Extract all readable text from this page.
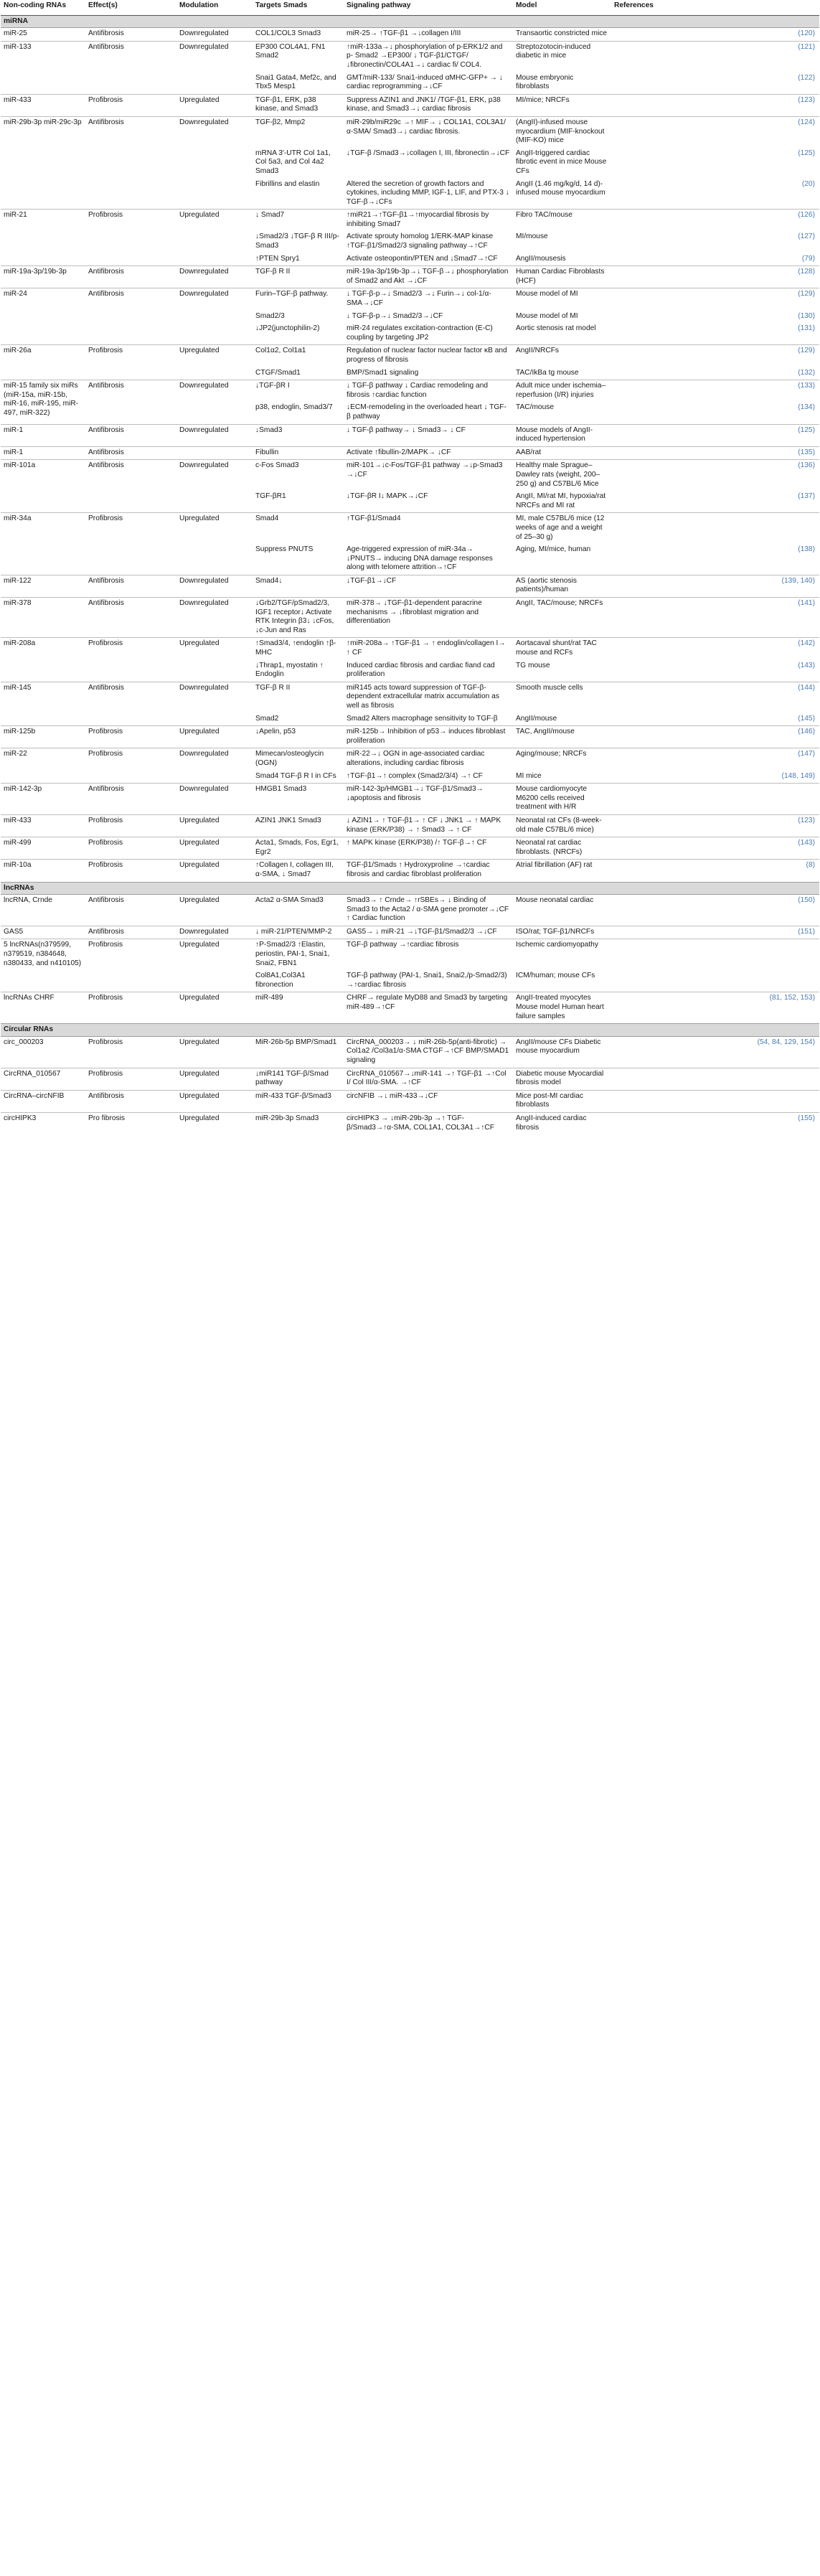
Non-coding RNAs	Effect(s)	Modulation	Targets Smads	Signaling pathway	Model	References
miRNA						
miR-25	Antifibrosis	Downregulated	COL1/COL3 Smad3	miR-25→ ↑TGF-β1 →↓collagen I/III	Transaortic constricted mice	(120)
miR-133	Antifibrosis	Downregulated	EP300 COL4A1, FN1 Smad2	↑miR-133a→↓ phosphorylation of p-ERK1/2 and p- Smad2 →EP300/ ↓ TGF-β1/CTGF/↓fibronectin/COL4A1→↓ cardiac fi/ COL4.	Streptozotocin-induced diabetic in mice	(121)
			Snai1 Gata4, Mef2c, and Tbx5 Mesp1	GMT/miR-133/ Snai1-induced αMHC-GFP+ → ↓ cardiac reprogramming→↓CF	Mouse embryonic fibroblasts	(122)
miR-433	Profibrosis	Upregulated	TGF-β1, ERK, p38 kinase, and Smad3	Suppress AZIN1 and JNK1/ /TGF-β1, ERK, p38 kinase, and Smad3→↓ cardiac fibrosis	MI/mice; NRCFs	(123)
miR-29b-3p miR-29c-3p	Antifibrosis	Downregulated	TGF-β2, Mmp2	miR-29b/miR29c →↑ MIF→ ↓ COL1A1, COL3A1/α-SMA/ Smad3→↓ cardiac fibrosis.	(AngII)-infused mouse myocardium (MIF-knockout (MIF-KO) mice	(124)
			mRNA 3′-UTR Col 1a1, Col 5a3, and Col 4a2 Smad3	↓TGF-β /Smad3→↓collagen I, III, fibronectin→↓CF	AngII-triggered cardiac fibrotic event in mice Mouse CFs	(125)
			Fibrillins and elastin	Altered the secretion of growth factors and cytokines, including MMP, IGF-1, LIF, and PTX-3 ↓ TGF-β→↓CFs	AngII (1.46 mg/kg/d, 14 d)-infused mouse myocardium	(20)
miR-21	Profibrosis	Upregulated	↓ Smad7	↑miR21→↑TGF-β1→↑myocardial fibrosis by inhibiting Smad7	Fibro TAC/mouse	(126)
			↓Smad2/3 ↓TGF-β R III/p-Smad3	Activate sprouty homolog 1/ERK-MAP kinase ↑TGF-β1/Smad2/3 signaling pathway→↑CF	MI/mouse	(127)
			↑PTEN Spry1	Activate osteopontin/PTEN and ↓Smad7→↑CF	AngII/mousesis	(79)
miR-19a-3p/19b-3p	Antifibrosis	Downregulated	TGF-β R II	miR-19a-3p/19b-3p→↓ TGF-β→↓ phosphorylation of Smad2 and Akt →↓CF	Human Cardiac Fibroblasts (HCF)	(128)
miR-24	Antifibrosis	Downregulated	Furin–TGF-β pathway.	↓ TGF-β-p→↓ Smad2/3 →↓ Furin→↓ col-1/α-SMA→↓CF	Mouse model of MI	(129)
			Smad2/3	↓ TGF-β-p→↓ Smad2/3→↓CF	Mouse model of MI	(130)
			↓JP2(junctophilin-2)	miR-24 regulates excitation-contraction (E-C) coupling by targeting JP2	Aortic stenosis rat model	(131)
miR-26a	Profibrosis	Upregulated	Col1α2, Col1a1	Regulation of nuclear factor nuclear factor κB and progress of fibrosis	AngII/NRCFs	(129)
			CTGF/Smad1	BMP/Smad1 signaling	TAC/IkBa tg mouse	(132)
miR-15 family six miRs (miR-15a, miR-15b, miR-16, miR-195, miR-497, miR-322)	Antifibrosis	Downregulated	↓TGF-βR I	↓ TGF-β pathway ↓ Cardiac remodeling and fibrosis ↑cardiac function	Adult mice under ischemia–reperfusion (I/R) injuries	(133)
			p38, endoglin, Smad3/7	↓ECM-remodeling in the overloaded heart ↓ TGF-β pathway	TAC/mouse	(134)
miR-1	Antifibrosis	Downregulated	↓Smad3	↓ TGF-β pathway→ ↓ Smad3→ ↓ CF	Mouse models of AngII-induced hypertension	(125)
miR-1	Antifibrosis		Fibullin	Activate ↑fibullin-2/MAPK→ ↓CF	AAB/rat	(135)
miR-101a	Antifibrosis	Downregulated	c-Fos Smad3	miR-101→↓c-Fos/TGF-β1 pathway →↓p-Smad3 →↓CF	Healthy male Sprague–Dawley rats (weight, 200–250 g) and C57BL/6 Mice	(136)
			TGF-βR1	↓TGF-βR I↓ MAPK→↓CF	AngII, MI/rat MI, hypoxia/rat NRCFs and MI rat	(137)
miR-34a	Profibrosis	Upregulated	Smad4	↑TGF-β1/Smad4	MI, male C57BL/6 mice (12 weeks of age and a weight of 25–30 g)	
			Suppress PNUTS	Age-triggered expression of miR-34a→ ↓PNUTS→ inducing DNA damage responses along with telomere attrition→↑CF	Aging, MI/mice, human	(138)
miR-122	Antifibrosis	Downregulated	Smad4↓	↓TGF-β1→↓CF	AS (aortic stenosis patients)/human	(139, 140)
miR-378	Antifibrosis	Downregulated	↓Grb2/TGF/pSmad2/3, IGF1 receptor↓ Activate RTK Integrin β3↓ ↓cFos, ↓c-Jun and Ras	miR-378→ ↓TGF-β1-dependent paracrine mechanisms → ↓fibroblast migration and differentiation	AngII, TAC/mouse; NRCFs	(141)
miR-208a	Profibrosis	Upregulated	↑Smad3/4, ↑endoglin ↑β-MHC	↑miR-208a→ ↑TGF-β1 → ↑ endoglin/collagen I→ ↑ CF	Aortacaval shunt/rat TAC mouse and RCFs	(142)
			↓Thrap1, myostatin ↑ Endoglin	Induced cardiac fibrosis and cardiac fiand cad proliferation	TG mouse	(143)
miR-145	Antifibrosis	Downregulated	TGF-β R II	miR145 acts toward suppression of TGF-β-dependent extracellular matrix accumulation as well as fibrosis	Smooth muscle cells	(144)
			Smad2	Smad2 Alters macrophage sensitivity to TGF-β	AngII/mouse	(145)
miR-125b	Profibrosis	Upregulated	↓Apelin, p53	miR-125b→ Inhibition of p53→ induces fibroblast proliferation	TAC, AngII/mouse	(146)
miR-22	Profibrosis	Downregulated	Mimecan/osteoglycin (OGN)	miR-22→↓ OGN in age-associated cardiac alterations, including cardiac fibrosis	Aging/mouse; NRCFs	(147)
			Smad4 TGF-β R I in CFs	↑TGF-β1→↑ complex (Smad2/3/4) →↑ CF	MI mice	(148, 149)
miR-142-3p	Antifibrosis	Downregulated	HMGB1 Smad3	miR-142-3p/HMGB1→↓ TGF-β1/Smad3→ ↓apoptosis and fibrosis	Mouse cardiomyocyte M6200 cells received treatment with H/R	
miR-433	Profibrosis	Upregulated	AZIN1 JNK1 Smad3	↓ AZIN1→ ↑ TGF-β1→ ↑ CF ↓ JNK1 → ↑ MAPK kinase (ERK/P38) → ↑ Smad3 → ↑ CF	Neonatal rat CFs (8-week-old male C57BL/6 mice)	(123)
miR-499	Profibrosis	Upregulated	Acta1, Smads, Fos, Egr1, Egr2	↑ MAPK kinase (ERK/P38) /↑ TGF-β→↑ CF	Neonatal rat cardiac fibroblasts. (NRCFs)	(143)
miR-10a	Profibrosis	Upregulated	↑Collagen I, collagen III, α-SMA, ↓ Smad7	TGF-β1/Smads ↑ Hydroxyproline →↑cardiac fibrosis and cardiac fibroblast proliferation	Atrial fibrillation (AF) rat	(8)
lncRNAs						
lncRNA, Crnde	Antifibrosis	Upregulated	Acta2 α-SMA Smad3	Smad3→ ↑ Crnde→ ↑rSBEs→ ↓ Binding of Smad3 to the Acta2 / α-SMA gene promoter→↓CF ↑ Cardiac function	Mouse neonatal cardiac	(150)
GAS5	Antifibrosis	Downregulated	↓ miR-21/PTEN/MMP-2	GAS5→ ↓ miR-21 →↓TGF-β1/Smad2/3 →↓CF	ISO/rat; TGF-β1/NRCFs	(151)
5 lncRNAs(n379599, n379519, n384648, n380433, and n410105)	Profibrosis	Upregulated	↑P-Smad2/3 ↑Elastin, periostin, PAI-1, Snai1, Snai2, FBN1	TGF-β pathway →↑cardiac fibrosis	Ischemic cardiomyopathy	
			Col8A1,Col3A1 fibronection	TGF-β pathway (PAI-1, Snai1, Snai2,/p-Smad2/3) →↑cardiac fibrosis	ICM/human; mouse CFs	
lncRNAs CHRF	Profibrosis	Upregulated	miR-489	CHRF→ regulate MyD88 and Smad3 by targeting miR-489→↑CF	AngII-treated myocytes Mouse model Human heart failure samples	(81, 152, 153)
Circular RNAs						
circ_000203	Profibrosis	Upregulated	MiR-26b-5p BMP/Smad1	CircRNA_000203→ ↓ miR-26b-5p(anti-fibrotic) → Col1a2 /Col3a1/α-SMA CTGF→↑CF BMP/SMAD1 signaling	AngII/mouse CFs Diabetic mouse myocardium	(54, 84, 129, 154)
CircRNA_010567	Profibrosis	Upregulated	↓miR141 TGF-β/Smad pathway	CircRNA_010567→↓miR-141 →↑ TGF-β1 →↑Col I/ Col III/α-SMA. →↑CF	Diabetic mouse Myocardial fibrosis model	
CircRNA–circNFIB	Antifibrosis	Upregulated	miR-433 TGF-β/Smad3	circNFIB →↓ miR-433→↓CF	Mice post-MI cardiac fibroblasts	
circHIPK3	Pro fibrosis	Upregulated	miR-29b-3p Smad3	circHIPK3 → ↓miR-29b-3p →↑ TGF-β/Smad3→↑α-SMA, COL1A1, COL3A1→↑CF	AngII-induced cardiac fibrosis	(155)
